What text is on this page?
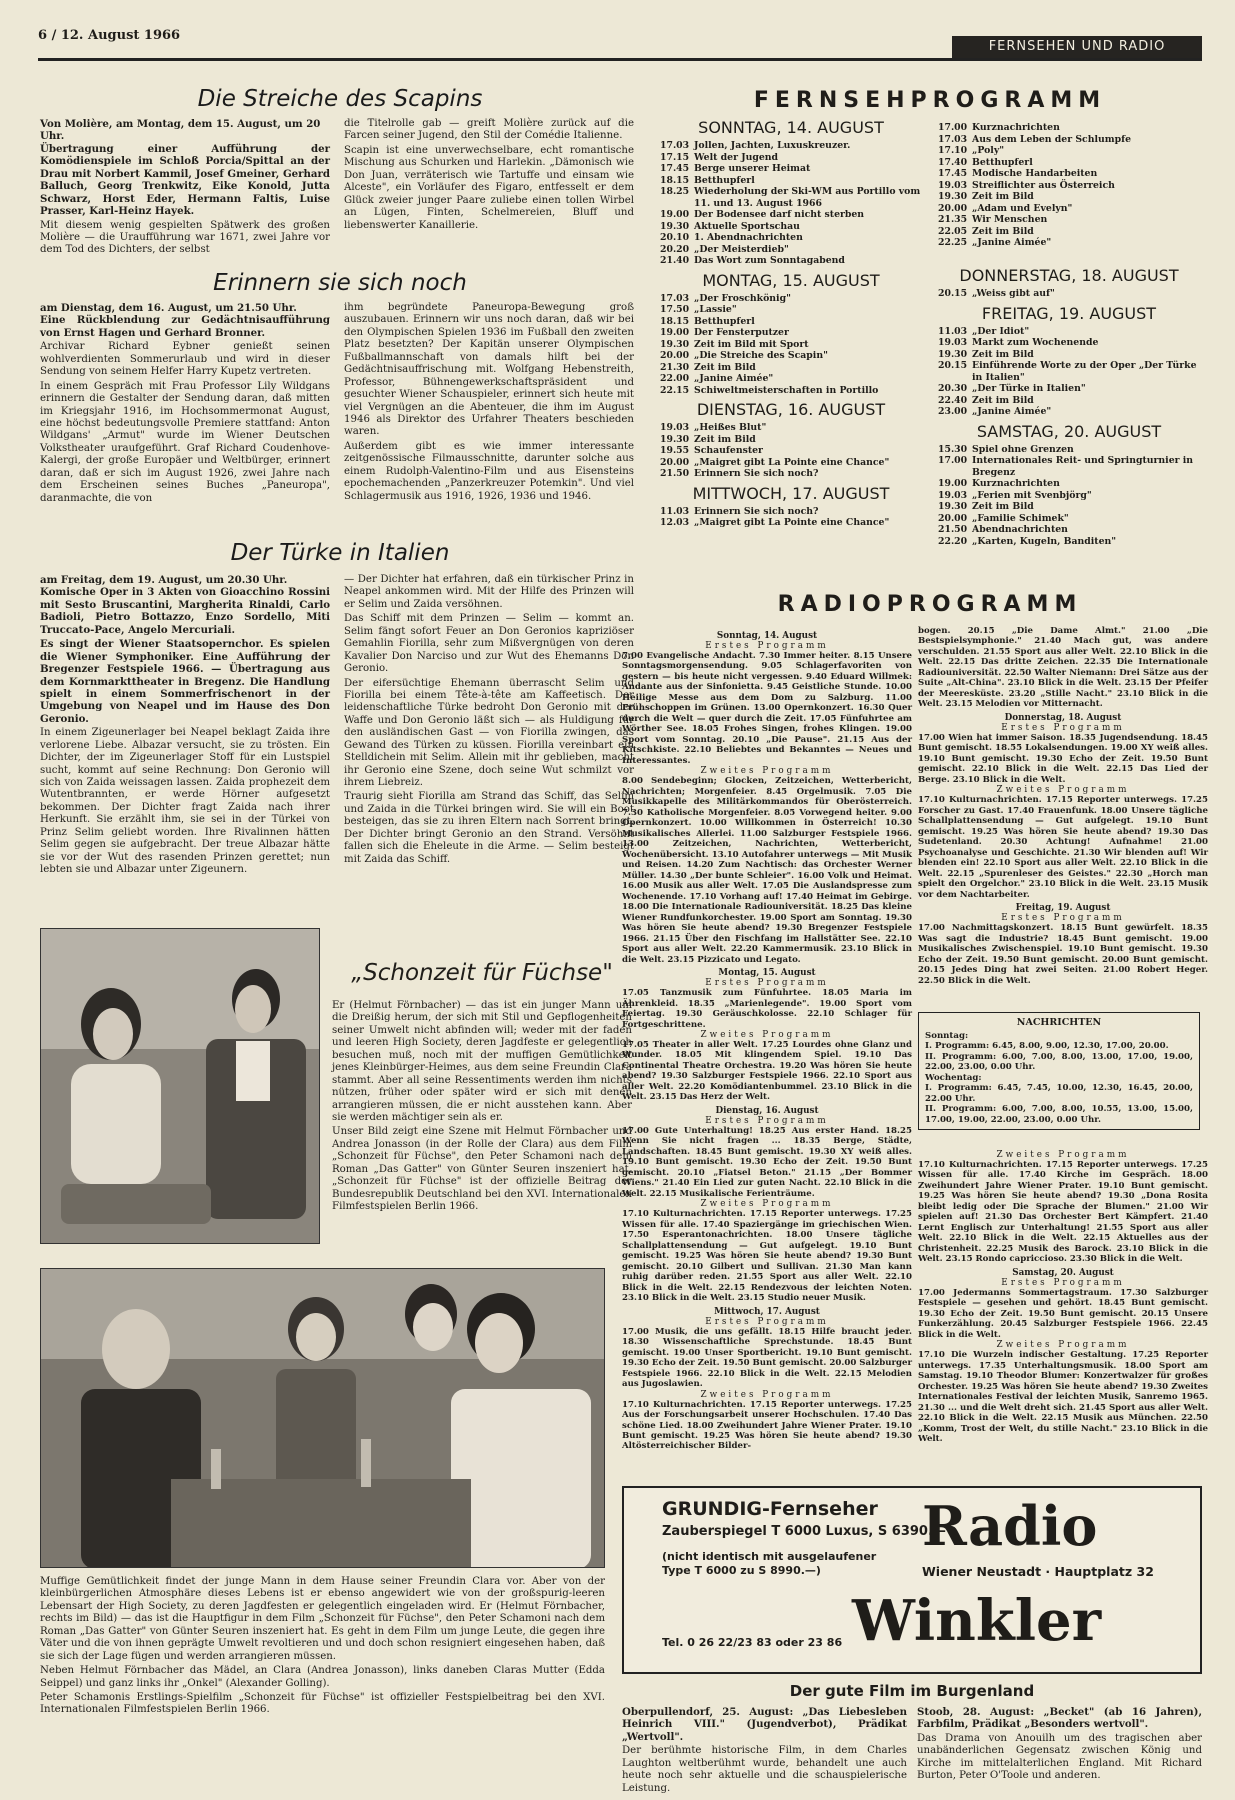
6 / 12. August 1966
FERNSEHEN UND RADIO
Die Streiche des Scapins
Von Molière, am Montag, dem 15. August, um 20 Uhr.

Übertragung einer Aufführung der Komödienspiele im Schloß Porcia/Spittal an der Drau mit Norbert Kammil, Josef Gmeiner, Gerhard Balluch, Georg Trenkwitz, Eike Konold, Jutta Schwarz, Horst Eder, Hermann Faltis, Luise Prasser, Karl-Heinz Hayek.

Mit diesem wenig gespielten Spätwerk des großen Molière — die Uraufführung war 1671, zwei Jahre vor dem Tod des Dichters, der selbst

die Titelrolle gab — greift Molière zurück auf die Farcen seiner Jugend, den Stil der Comédie Italienne.

Scapin ist eine unverwechselbare, echt romantische Mischung aus Schurken und Harlekin. „Dämonisch wie Don Juan, verräterisch wie Tartuffe und einsam wie Alceste", ein Vorläufer des Figaro, entfesselt er dem Glück zweier junger Paare zuliebe einen tollen Wirbel an Lügen, Finten, Schelmereien, Bluff und liebenswerter Kanaillerie.

Erinnern sie sich noch
am Dienstag, dem 16. August, um 21.50 Uhr.

Eine Rückblendung zur Gedächtnisaufführung von Ernst Hagen und Gerhard Bronner.

Archivar Richard Eybner genießt seinen wohlverdienten Sommerurlaub und wird in dieser Sendung von seinem Helfer Harry Kupetz vertreten.

In einem Gespräch mit Frau Professor Lily Wildgans erinnern die Gestalter der Sendung daran, daß mitten im Kriegsjahr 1916, im Hochsommermonat August, eine höchst bedeutungsvolle Premiere stattfand: Anton Wildgans' „Armut" wurde im Wiener Deutschen Volkstheater uraufgeführt. Graf Richard Coudenhove-Kalergi, der große Europäer und Weltbürger, erinnert daran, daß er sich im August 1926, zwei Jahre nach dem Erscheinen seines Buches „Paneuropa", daranmachte, die von

ihm begründete Paneuropa-Bewegung groß auszubauen. Erinnern wir uns noch daran, daß wir bei den Olympischen Spielen 1936 im Fußball den zweiten Platz besetzten? Der Kapitän unserer Olympischen Fußballmannschaft von damals hilft bei der Gedächtnisauffrischung mit. Wolfgang Hebenstreith, Professor, Bühnengewerkschaftspräsident und gesuchter Wiener Schauspieler, erinnert sich heute mit viel Vergnügen an die Abenteuer, die ihm im August 1946 als Direktor des Urfahrer Theaters beschieden waren.

Außerdem gibt es wie immer interessante zeitgenössische Filmausschnitte, darunter solche aus einem Rudolph-Valentino-Film und aus Eisensteins epochemachenden „Panzerkreuzer Potemkin". Und viel Schlagermusik aus 1916, 1926, 1936 und 1946.

Der Türke in Italien
am Freitag, dem 19. August, um 20.30 Uhr.

Komische Oper in 3 Akten von Gioacchino Rossini mit Sesto Bruscantini, Margherita Rinaldi, Carlo Badioli, Pietro Bottazzo, Enzo Sordello, Miti Truccato-Pace, Angelo Mercuriali.

Es singt der Wiener Staatsopernchor. Es spielen die Wiener Symphoniker. Eine Aufführung der Bregenzer Festspiele 1966. — Übertragung aus dem Kornmarkttheater in Bregenz. Die Handlung spielt in einem Sommerfrischenort in der Umgebung von Neapel und im Hause des Don Geronio.

In einem Zigeunerlager bei Neapel beklagt Zaida ihre verlorene Liebe. Albazar versucht, sie zu trösten. Ein Dichter, der im Zigeunerlager Stoff für ein Lustspiel sucht, kommt auf seine Rechnung: Don Geronio will sich von Zaida weissagen lassen. Zaida prophezeit dem Wutentbrannten, er werde Hörner aufgesetzt bekommen. Der Dichter fragt Zaida nach ihrer Herkunft. Sie erzählt ihm, sie sei in der Türkei von Prinz Selim geliebt worden. Ihre Rivalinnen hätten Selim gegen sie aufgebracht. Der treue Albazar hätte sie vor der Wut des rasenden Prinzen gerettet; nun lebten sie und Albazar unter Zigeunern.

— Der Dichter hat erfahren, daß ein türkischer Prinz in Neapel ankommen wird. Mit der Hilfe des Prinzen will er Selim und Zaida versöhnen.

Das Schiff mit dem Prinzen — Selim — kommt an. Selim fängt sofort Feuer an Don Geronios kapriziöser Gemahlin Fiorilla, sehr zum Mißvergnügen von deren Kavalier Don Narciso und zur Wut des Ehemanns Don Geronio.

Der eifersüchtige Ehemann überrascht Selim und Fiorilla bei einem Tête-à-tête am Kaffeetisch. Der leidenschaftliche Türke bedroht Don Geronio mit der Waffe und Don Geronio läßt sich — als Huldigung für den ausländischen Gast — von Fiorilla zwingen, das Gewand des Türken zu küssen. Fiorilla vereinbart ein Stelldichein mit Selim. Allein mit ihr geblieben, macht ihr Geronio eine Szene, doch seine Wut schmilzt vor ihrem Liebreiz.

Traurig sieht Fiorilla am Strand das Schiff, das Selim und Zaida in die Türkei bringen wird. Sie will ein Boot besteigen, das sie zu ihren Eltern nach Sorrent bringt. Der Dichter bringt Geronio an den Strand. Versöhnt fallen sich die Eheleute in die Arme. — Selim besteigt mit Zaida das Schiff.

„Schonzeit für Füchse"

Er (Helmut Förnbacher) — das ist ein junger Mann um die Dreißig herum, der sich mit Stil und Gepflogenheiten seiner Umwelt nicht abfinden will; weder mit der faden und leeren High Society, deren Jagdfeste er gelegentlich besuchen muß, noch mit der muffigen Gemütlichkeit jenes Kleinbürger-Heimes, aus dem seine Freundin Clara stammt. Aber all seine Ressentiments werden ihm nichts nützen, früher oder später wird er sich mit denen arrangieren müssen, die er nicht ausstehen kann. Aber sie werden mächtiger sein als er.

Unser Bild zeigt eine Szene mit Helmut Förnbacher und Andrea Jonasson (in der Rolle der Clara) aus dem Film „Schonzeit für Füchse", den Peter Schamoni nach dem Roman „Das Gatter" von Günter Seuren inszeniert hat. „Schonzeit für Füchse" ist der offizielle Beitrag der Bundesrepublik Deutschland bei den XVI. Internationalen Filmfestspielen Berlin 1966.

Muffige Gemütlichkeit findet der junge Mann in dem Hause seiner Freundin Clara vor. Aber von der kleinbürgerlichen Atmosphäre dieses Lebens ist er ebenso angewidert wie von der großspurig-leeren Lebensart der High Society, zu deren Jagdfesten er gelegentlich eingeladen wird. Er (Helmut Förnbacher, rechts im Bild) — das ist die Hauptfigur in dem Film „Schonzeit für Füchse", den Peter Schamoni nach dem Roman „Das Gatter" von Günter Seuren inszeniert hat. Es geht in dem Film um junge Leute, die gegen ihre Väter und die von ihnen geprägte Umwelt revoltieren und und doch schon resigniert eingesehen haben, daß sie sich der Lage fügen und werden arrangieren müssen.

Neben Helmut Förnbacher das Mädel, an Clara (Andrea Jonasson), links daneben Claras Mutter (Edda Seippel) und ganz links ihr „Onkel" (Alexander Golling).

Peter Schamonis Erstlings-Spielfilm „Schonzeit für Füchse" ist offizieller Festspielbeitrag bei den XVI. Internationalen Filmfestspielen Berlin 1966.

FERNSEHPROGRAMM
SONNTAG, 14. AUGUST
17.03 Jollen, Jachten, Luxuskreuzer.
17.15 Welt der Jugend
17.45 Berge unserer Heimat
18.15 Betthupferl
18.25 Wiederholung der Ski-WM aus Portillo vom 11. und 13. August 1966
19.00 Der Bodensee darf nicht sterben
19.30 Aktuelle Sportschau
20.10 1. Abendnachrichten
20.20 „Der Meisterdieb"
21.40 Das Wort zum Sonntagabend
MONTAG, 15. AUGUST
17.03 „Der Froschkönig"
17.50 „Lassie"
18.15 Betthupferl
19.00 Der Fensterputzer
19.30 Zeit im Bild mit Sport
20.00 „Die Streiche des Scapin"
21.30 Zeit im Bild
22.00 „Janine Aimée"
22.15 Schiweltmeisterschaften in Portillo
DIENSTAG, 16. AUGUST
19.03 „Heißes Blut"
19.30 Zeit im Bild
19.55 Schaufenster
20.00 „Maigret gibt La Pointe eine Chance"
21.50 Erinnern Sie sich noch?
MITTWOCH, 17. AUGUST
11.03 Erinnern Sie sich noch?
12.03 „Maigret gibt La Pointe eine Chance"
17.00 Kurznachrichten
17.03 Aus dem Leben der Schlumpfe
17.10 „Poly"
17.40 Betthupferl
17.45 Modische Handarbeiten
19.03 Streiflichter aus Österreich
19.30 Zeit im Bild
20.00 „Adam und Evelyn"
21.35 Wir Menschen
22.05 Zeit im Bild
22.25 „Janine Aimée"
DONNERSTAG, 18. AUGUST
20.15 „Weiss gibt auf"
FREITAG, 19. AUGUST
11.03 „Der Idiot"
19.03 Markt zum Wochenende
19.30 Zeit im Bild
20.15 Einführende Worte zu der Oper „Der Türke in Italien"
20.30 „Der Türke in Italien"
22.40 Zeit im Bild
23.00 „Janine Aimée"
SAMSTAG, 20. AUGUST
15.30 Spiel ohne Grenzen
17.00 Internationales Reit- und Springturnier in Bregenz
19.00 Kurznachrichten
19.03 „Ferien mit Svenbjörg"
19.30 Zeit im Bild
20.00 „Familie Schimek"
21.50 Abendnachrichten
22.20 „Karten, Kugeln, Banditen"
RADIOPROGRAMM
Sonntag, 14. August
Erstes Programm
7.00 Evangelische Andacht. 7.30 Immer heiter. 8.15 Unsere Sonntagsmorgensendung. 9.05 Schlagerfavoriten von gestern — bis heute nicht vergessen. 9.40 Eduard Willmek: Andante aus der Sinfonietta. 9.45 Geistliche Stunde. 10.00 Heilige Messe aus dem Dom zu Salzburg. 11.00 Frühschoppen im Grünen. 13.00 Opernkonzert. 16.30 Quer durch die Welt — quer durch die Zeit. 17.05 Fünfuhrtee am Wörther See. 18.05 Frohes Singen, frohes Klingen. 19.00 Sport vom Sonntag. 20.10 „Die Pause". 21.15 Aus der Kitschkiste. 22.10 Beliebtes und Bekanntes — Neues und Interessantes.
Zweites Programm
8.00 Sendebeginn; Glocken, Zeitzeichen, Wetterbericht, Nachrichten; Morgenfeier. 8.45 Orgelmusik. 7.05 Die Musikkapelle des Militärkommandos für Oberösterreich. 7.30 Katholische Morgenfeier. 8.05 Vorwegend heiter. 9.00 Opernkonzert. 10.00 Willkommen in Österreich! 10.30 Musikalisches Allerlei. 11.00 Salzburger Festspiele 1966. 13.00 Zeitzeichen, Nachrichten, Wetterbericht, Wochenübersicht. 13.10 Autofahrer unterwegs — Mit Musik und Reisen. 14.20 Zum Nachtisch: das Orchester Werner Müller. 14.30 „Der bunte Schleier". 16.00 Volk und Heimat. 16.00 Musik aus aller Welt. 17.05 Die Auslandspresse zum Wochenende. 17.10 Vorhang auf! 17.40 Heimat im Gebirge. 18.00 Die Internationale Radiouniversität. 18.25 Das kleine Wiener Rundfunkorchester. 19.00 Sport am Sonntag. 19.30 Was hören Sie heute abend? 19.30 Bregenzer Festspiele 1966. 21.15 Über den Fischfang im Hallstätter See. 22.10 Sport aus aller Welt. 22.20 Kammermusik. 23.10 Blick in die Welt. 23.15 Pizzicato und Legato.
Montag, 15. August
Erstes Programm
17.05 Tanzmusik zum Fünfuhrtee. 18.05 Maria im Ährenkleid. 18.35 „Marienlegende". 19.00 Sport vom Feiertag. 19.30 Geräuschkolosse. 22.10 Schlager für Fortgeschrittene.
Zweites Programm
17.05 Theater in aller Welt. 17.25 Lourdes ohne Glanz und Wunder. 18.05 Mit klingendem Spiel. 19.10 Das Continental Theatre Orchestra. 19.20 Was hören Sie heute abend? 19.30 Salzburger Festspiele 1966. 22.10 Sport aus aller Welt. 22.20 Komödiantenbummel. 23.10 Blick in die Welt. 23.15 Das Herz der Welt.
Dienstag, 16. August
Erstes Programm
17.00 Gute Unterhaltung! 18.25 Aus erster Hand. 18.25 Wenn Sie nicht fragen ... 18.35 Berge, Städte, Landschaften. 18.45 Bunt gemischt. 19.30 XY weiß alles. 19.10 Bunt gemischt. 19.30 Echo der Zeit. 19.50 Bunt gemischt. 20.10 „Fiatsel Beton." 21.15 „Der Bommer Wiens." 21.40 Ein Lied zur guten Nacht. 22.10 Blick in die Welt. 22.15 Musikalische Ferienträume.
Zweites Programm
17.10 Kulturnachrichten. 17.15 Reporter unterwegs. 17.25 Wissen für alle. 17.40 Spaziergänge im griechischen Wien. 17.50 Esperantonachrichten. 18.00 Unsere tägliche Schallplattensendung — Gut aufgelegt. 19.10 Bunt gemischt. 19.25 Was hören Sie heute abend? 19.30 Bunt gemischt. 20.10 Gilbert und Sullivan. 21.30 Man kann ruhig darüber reden. 21.55 Sport aus aller Welt. 22.10 Blick in die Welt. 22.15 Rendezvous der leichten Noten. 23.10 Blick in die Welt. 23.15 Studio neuer Musik.
Mittwoch, 17. August
Erstes Programm
17.00 Musik, die uns gefällt. 18.15 Hilfe braucht jeder. 18.30 Wissenschaftliche Sprechstunde. 18.45 Bunt gemischt. 19.00 Unser Sportbericht. 19.10 Bunt gemischt. 19.30 Echo der Zeit. 19.50 Bunt gemischt. 20.00 Salzburger Festspiele 1966. 22.10 Blick in die Welt. 22.15 Melodien aus Jugoslawien.
Zweites Programm
17.10 Kulturnachrichten. 17.15 Reporter unterwegs. 17.25 Aus der Forschungsarbeit unserer Hochschulen. 17.40 Das schöne Lied. 18.00 Zweihundert Jahre Wiener Prater. 19.10 Bunt gemischt. 19.25 Was hören Sie heute abend? 19.30 Altösterreichischer Bilder-
bogen. 20.15 „Die Dame Almt." 21.00 „Die Bestspielsymphonie." 21.40 Mach gut, was andere verschulden. 21.55 Sport aus aller Welt. 22.10 Blick in die Welt. 22.15 Das dritte Zeichen. 22.35 Die Internationale Radiouniversität. 22.50 Walter Niemann: Drei Sätze aus der Suite „Alt-China". 23.10 Blick in die Welt. 23.15 Der Pfeifer der Meeresküste. 23.20 „Stille Nacht." 23.10 Blick in die Welt. 23.15 Melodien vor Mitternacht.
Donnerstag, 18. August
Erstes Programm
17.00 Wien hat immer Saison. 18.35 Jugendsendung. 18.45 Bunt gemischt. 18.55 Lokalsendungen. 19.00 XY weiß alles. 19.10 Bunt gemischt. 19.30 Echo der Zeit. 19.50 Bunt gemischt. 22.10 Blick in die Welt. 22.15 Das Lied der Berge. 23.10 Blick in die Welt.
Zweites Programm
17.10 Kulturnachrichten. 17.15 Reporter unterwegs. 17.25 Forscher zu Gast. 17.40 Frauenfunk. 18.00 Unsere tägliche Schallplattensendung — Gut aufgelegt. 19.10 Bunt gemischt. 19.25 Was hören Sie heute abend? 19.30 Das Sudetenland. 20.30 Achtung! Aufnahme! 21.00 Psychoanalyse und Geschichte. 21.30 Wir blenden auf! Wir blenden ein! 22.10 Sport aus aller Welt. 22.10 Blick in die Welt. 22.15 „Spurenleser des Geistes." 22.30 „Horch man spielt den Orgelchor." 23.10 Blick in die Welt. 23.15 Musik vor dem Nachtarbeiter.
Freitag, 19. August
Erstes Programm
17.00 Nachmittagskonzert. 18.15 Bunt gewürfelt. 18.35 Was sagt die Industrie? 18.45 Bunt gemischt. 19.00 Musikalisches Zwischenspiel. 19.10 Bunt gemischt. 19.30 Echo der Zeit. 19.50 Bunt gemischt. 20.00 Bunt gemischt. 20.15 Jedes Ding hat zwei Seiten. 21.00 Robert Heger. 22.50 Blick in die Welt.
NACHRICHTEN
Sonntag:
I. Programm: 6.45, 8.00, 9.00, 12.30, 17.00, 20.00.
II. Programm: 6.00, 7.00, 8.00, 13.00, 17.00, 19.00, 22.00, 23.00, 0.00 Uhr.
Wochentag:
I. Programm: 6.45, 7.45, 10.00, 12.30, 16.45, 20.00, 22.00 Uhr.
II. Programm: 6.00, 7.00, 8.00, 10.55, 13.00, 15.00, 17.00, 19.00, 22.00, 23.00, 0.00 Uhr.
Zweites Programm
17.10 Kulturnachrichten. 17.15 Reporter unterwegs. 17.25 Wissen für alle. 17.40 Kirche im Gespräch. 18.00 Zweihundert Jahre Wiener Prater. 19.10 Bunt gemischt. 19.25 Was hören Sie heute abend? 19.30 „Dona Rosita bleibt ledig oder Die Sprache der Blumen." 21.00 Wir spielen auf! 21.30 Das Orchester Bert Kämpfert. 21.40 Lernt Englisch zur Unterhaltung! 21.55 Sport aus aller Welt. 22.10 Blick in die Welt. 22.15 Aktuelles aus der Christenheit. 22.25 Musik des Barock. 23.10 Blick in die Welt. 23.15 Rondo capriccioso. 23.30 Blick in die Welt.
Samstag, 20. August
Erstes Programm
17.00 Jedermanns Sommertagstraum. 17.30 Salzburger Festspiele — gesehen und gehört. 18.45 Bunt gemischt. 19.30 Echo der Zeit. 19.50 Bunt gemischt. 20.15 Unsere Funkerzählung. 20.45 Salzburger Festspiele 1966. 22.45 Blick in die Welt.
Zweites Programm
17.10 Die Wurzeln indischer Gestaltung. 17.25 Reporter unterwegs. 17.35 Unterhaltungsmusik. 18.00 Sport am Samstag. 19.10 Theodor Blumer: Konzertwalzer für großes Orchester. 19.25 Was hören Sie heute abend? 19.30 Zweites Internationales Festival der leichten Musik, Sanremo 1965. 21.30 ... und die Welt dreht sich. 21.45 Sport aus aller Welt. 22.10 Blick in die Welt. 22.15 Musik aus München. 22.50 „Komm, Trost der Welt, du stille Nacht." 23.10 Blick in die Welt.
GRUNDIG-Fernseher
Zauberspiegel T 6000 Luxus, S 6390.—
(nicht identisch mit ausgelaufener Type T 6000 zu S 8990.—)
Radio
Wiener Neustadt · Hauptplatz 32
Tel. 0 26 22/23 83 oder 23 86 Winkler
Der gute Film im Burgenland

Oberpullendorf, 25. August: „Das Liebesleben Heinrich VIII." (Jugendverbot), Prädikat „Wertvoll".

Der berühmte historische Film, in dem Charles Laughton weltberühmt wurde, behandelt une auch heute noch sehr aktuelle und die schauspielerische Leistung.

Stoob, 28. August: „Becket" (ab 16 Jahren), Farbfilm, Prädikat „Besonders wertvoll".

Das Drama von Anouilh um des tragischen aber unabänderlichen Gegensatz zwischen König und Kirche im mittelalterlichen England. Mit Richard Burton, Peter O'Toole und anderen.
